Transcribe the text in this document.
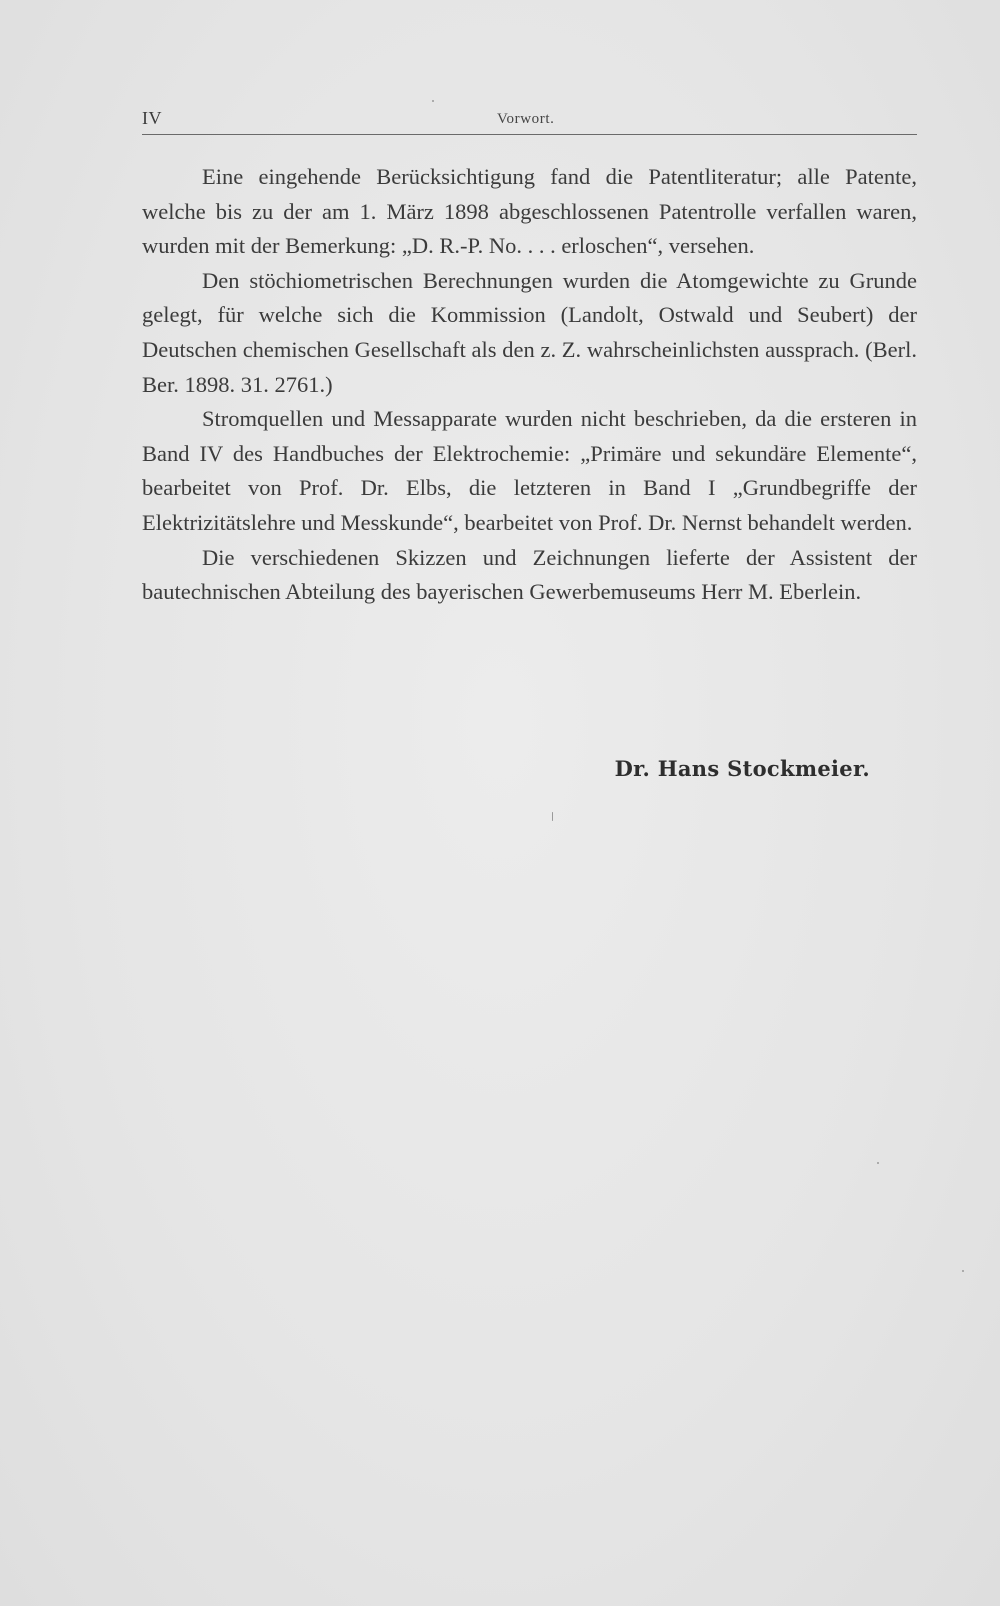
IV	Vorwort.

Eine eingehende Berücksichtigung fand die Patentliteratur; alle Patente, welche bis zu der am 1. März 1898 abgeschlossenen Patentrolle verfallen waren, wurden mit der Bemerkung: „D. R.-P. No. . . . erloschen“, versehen.

Den stöchiometrischen Berechnungen wurden die Atomgewichte zu Grunde gelegt, für welche sich die Kommission (Landolt, Ostwald und Seubert) der Deutschen chemischen Gesellschaft als den z. Z. wahrscheinlichsten aussprach. (Berl. Ber. 1898. 31. 2761.)

Stromquellen und Messapparate wurden nicht beschrieben, da die ersteren in Band IV des Handbuches der Elektrochemie: „Primäre und sekundäre Elemente“, bearbeitet von Prof. Dr. Elbs, die letzteren in Band I „Grundbegriffe der Elektrizitätslehre und Messkunde“, bearbeitet von Prof. Dr. Nernst behandelt werden.

Die verschiedenen Skizzen und Zeichnungen lieferte der Assistent der bautechnischen Abteilung des bayerischen Gewerbemuseums Herr M. Eberlein.

Dr. Hans Stockmeier.
